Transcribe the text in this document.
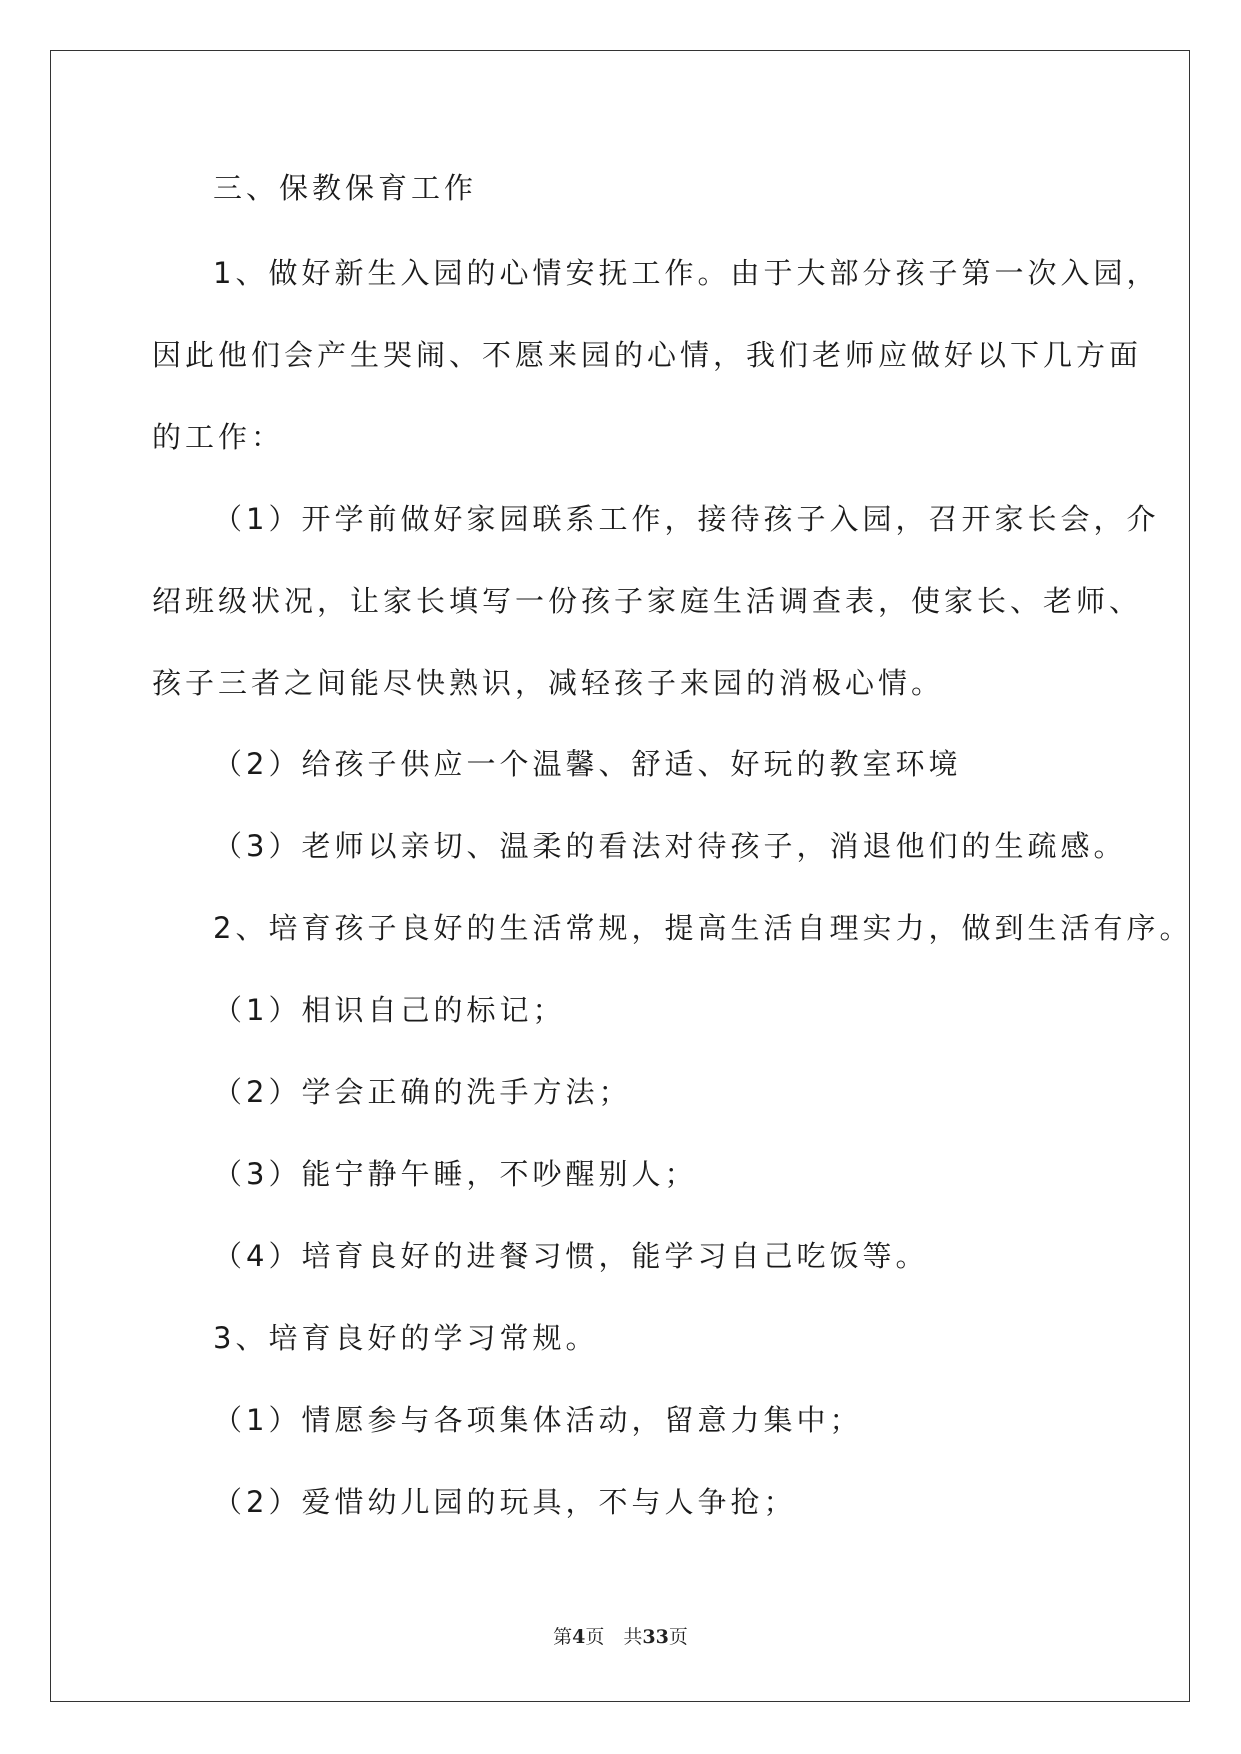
三、保教保育工作
1、做好新生入园的心情安抚工作。由于大部分孩子第一次入园，
因此他们会产生哭闹、不愿来园的心情，我们老师应做好以下几方面
的工作：
（1）开学前做好家园联系工作，接待孩子入园，召开家长会，介
绍班级状况，让家长填写一份孩子家庭生活调查表，使家长、老师、
孩子三者之间能尽快熟识，减轻孩子来园的消极心情。
（2）给孩子供应一个温馨、舒适、好玩的教室环境
（3）老师以亲切、温柔的看法对待孩子，消退他们的生疏感。
2、培育孩子良好的生活常规，提高生活自理实力，做到生活有序。
（1）相识自己的标记；
（2）学会正确的洗手方法；
（3）能宁静午睡，不吵醒别人；
（4）培育良好的进餐习惯，能学习自己吃饭等。
3、培育良好的学习常规。
（1）情愿参与各项集体活动，留意力集中；
（2）爱惜幼儿园的玩具，不与人争抢；
第4页　共33页
